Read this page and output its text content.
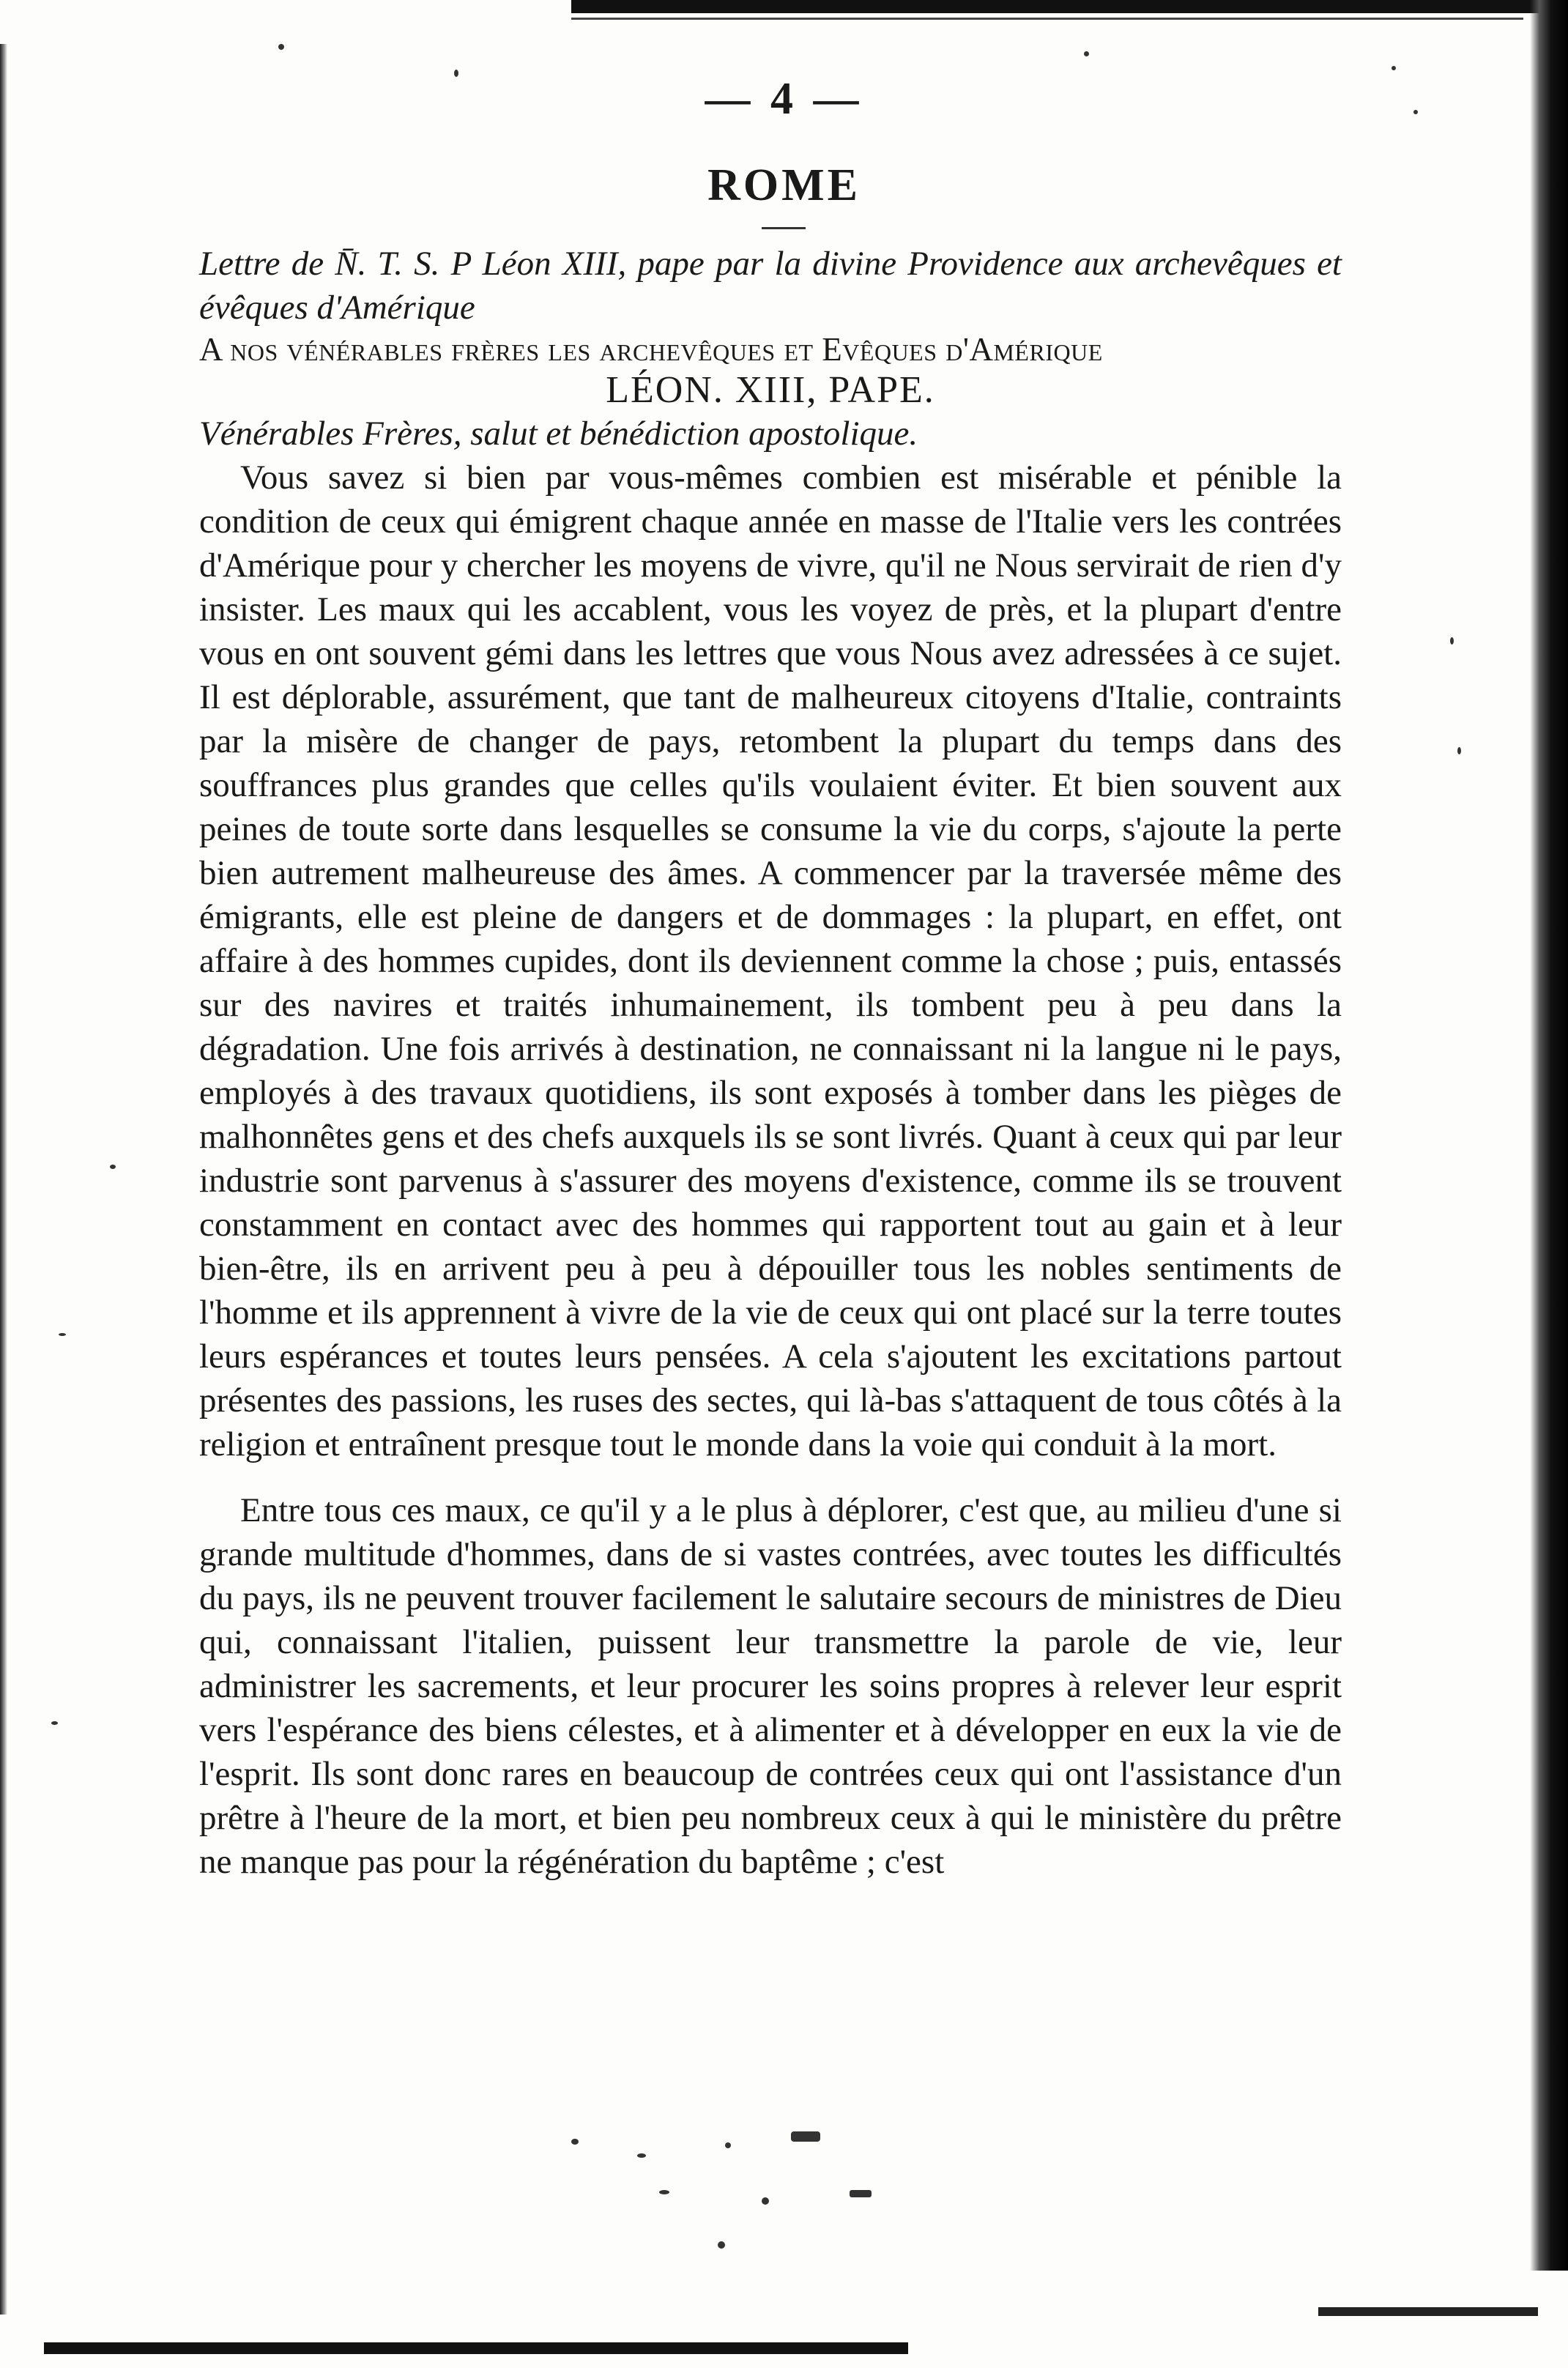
— 4 —
ROME

Lettre de N̄. T. S. P Léon XIII, pape par la divine Providence aux archevêques et évêques d'Amérique

A nos vénérables frères les archevêques et Evêques d'Amérique

LÉON. XIII, PAPE.

Vénérables Frères, salut et bénédiction apostolique.

Vous savez si bien par vous-mêmes combien est misérable et pénible la condition de ceux qui émigrent chaque année en masse de l'Italie vers les contrées d'Amérique pour y chercher les moyens de vivre, qu'il ne Nous servirait de rien d'y insister. Les maux qui les accablent, vous les voyez de près, et la plupart d'entre vous en ont souvent gémi dans les lettres que vous Nous avez adressées à ce sujet. Il est déplorable, assurément, que tant de malheureux citoyens d'Italie, contraints par la misère de changer de pays, retombent la plupart du temps dans des souffrances plus grandes que celles qu'ils voulaient éviter. Et bien souvent aux peines de toute sorte dans lesquelles se consume la vie du corps, s'ajoute la perte bien autrement malheureuse des âmes. A commencer par la traversée même des émigrants, elle est pleine de dangers et de dommages : la plupart, en effet, ont affaire à des hommes cupides, dont ils deviennent comme la chose ; puis, entassés sur des navires et traités inhumainement, ils tombent peu à peu dans la dégradation. Une fois arrivés à destination, ne connaissant ni la langue ni le pays, employés à des travaux quotidiens, ils sont exposés à tomber dans les pièges de malhonnêtes gens et des chefs auxquels ils se sont livrés. Quant à ceux qui par leur industrie sont parvenus à s'assurer des moyens d'existence, comme ils se trouvent constamment en contact avec des hommes qui rapportent tout au gain et à leur bien-être, ils en arrivent peu à peu à dépouiller tous les nobles sentiments de l'homme et ils apprennent à vivre de la vie de ceux qui ont placé sur la terre toutes leurs espérances et toutes leurs pensées. A cela s'ajoutent les excitations partout présentes des passions, les ruses des sectes, qui là-bas s'attaquent de tous côtés à la religion et entraînent presque tout le monde dans la voie qui conduit à la mort.

Entre tous ces maux, ce qu'il y a le plus à déplorer, c'est que, au milieu d'une si grande multitude d'hommes, dans de si vastes contrées, avec toutes les difficultés du pays, ils ne peuvent trouver facilement le salutaire secours de ministres de Dieu qui, connaissant l'italien, puissent leur transmettre la parole de vie, leur administrer les sacrements, et leur procurer les soins propres à relever leur esprit vers l'espérance des biens célestes, et à alimenter et à développer en eux la vie de l'esprit. Ils sont donc rares en beaucoup de contrées ceux qui ont l'assistance d'un prêtre à l'heure de la mort, et bien peu nombreux ceux à qui le ministère du prêtre ne manque pas pour la régénération du baptême ; c'est
